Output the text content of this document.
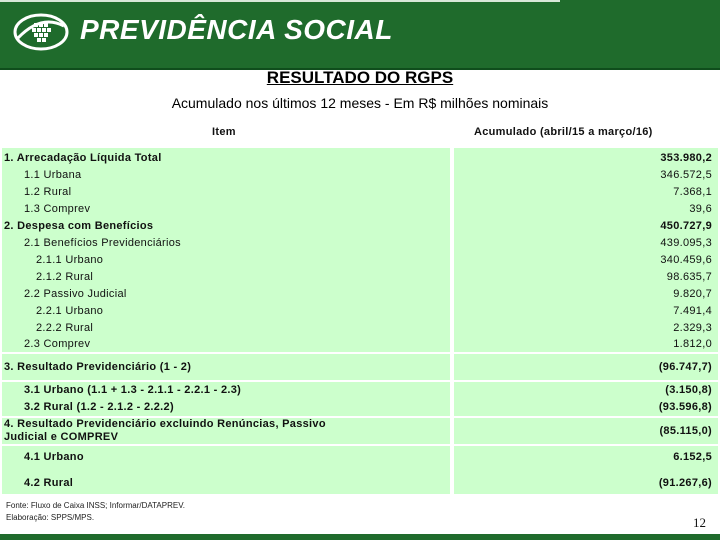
PREVIDÊNCIA SOCIAL
RESULTADO DO RGPS
Acumulado nos últimos 12 meses - Em R$ milhões nominais
Item	Acumulado (abril/15 a março/16)
1. Arrecadação Líquida Total	353.980,2
1.1 Urbana	346.572,5
1.2 Rural	7.368,1
1.3 Comprev	39,6
2. Despesa com Benefícios	450.727,9
2.1 Benefícios Previdenciários	439.095,3
2.1.1 Urbano	340.459,6
2.1.2 Rural	98.635,7
2.2 Passivo Judicial	9.820,7
2.2.1 Urbano	7.491,4
2.2.2 Rural	2.329,3
2.3 Comprev	1.812,0
3. Resultado Previdenciário (1 - 2)	(96.747,7)
3.1 Urbano (1.1 + 1.3 - 2.1.1 - 2.2.1 - 2.3)	(3.150,8)
3.2 Rural (1.2 - 2.1.2 - 2.2.2)	(93.596,8)
4. Resultado Previdenciário excluindo Renúncias, Passivo
Judicial e COMPREV	(85.115,0)
4.1 Urbano	6.152,5
4.2 Rural	(91.267,6)
Fonte: Fluxo de Caixa INSS; Informar/DATAPREV.
Elaboração: SPPS/MPS.	12
